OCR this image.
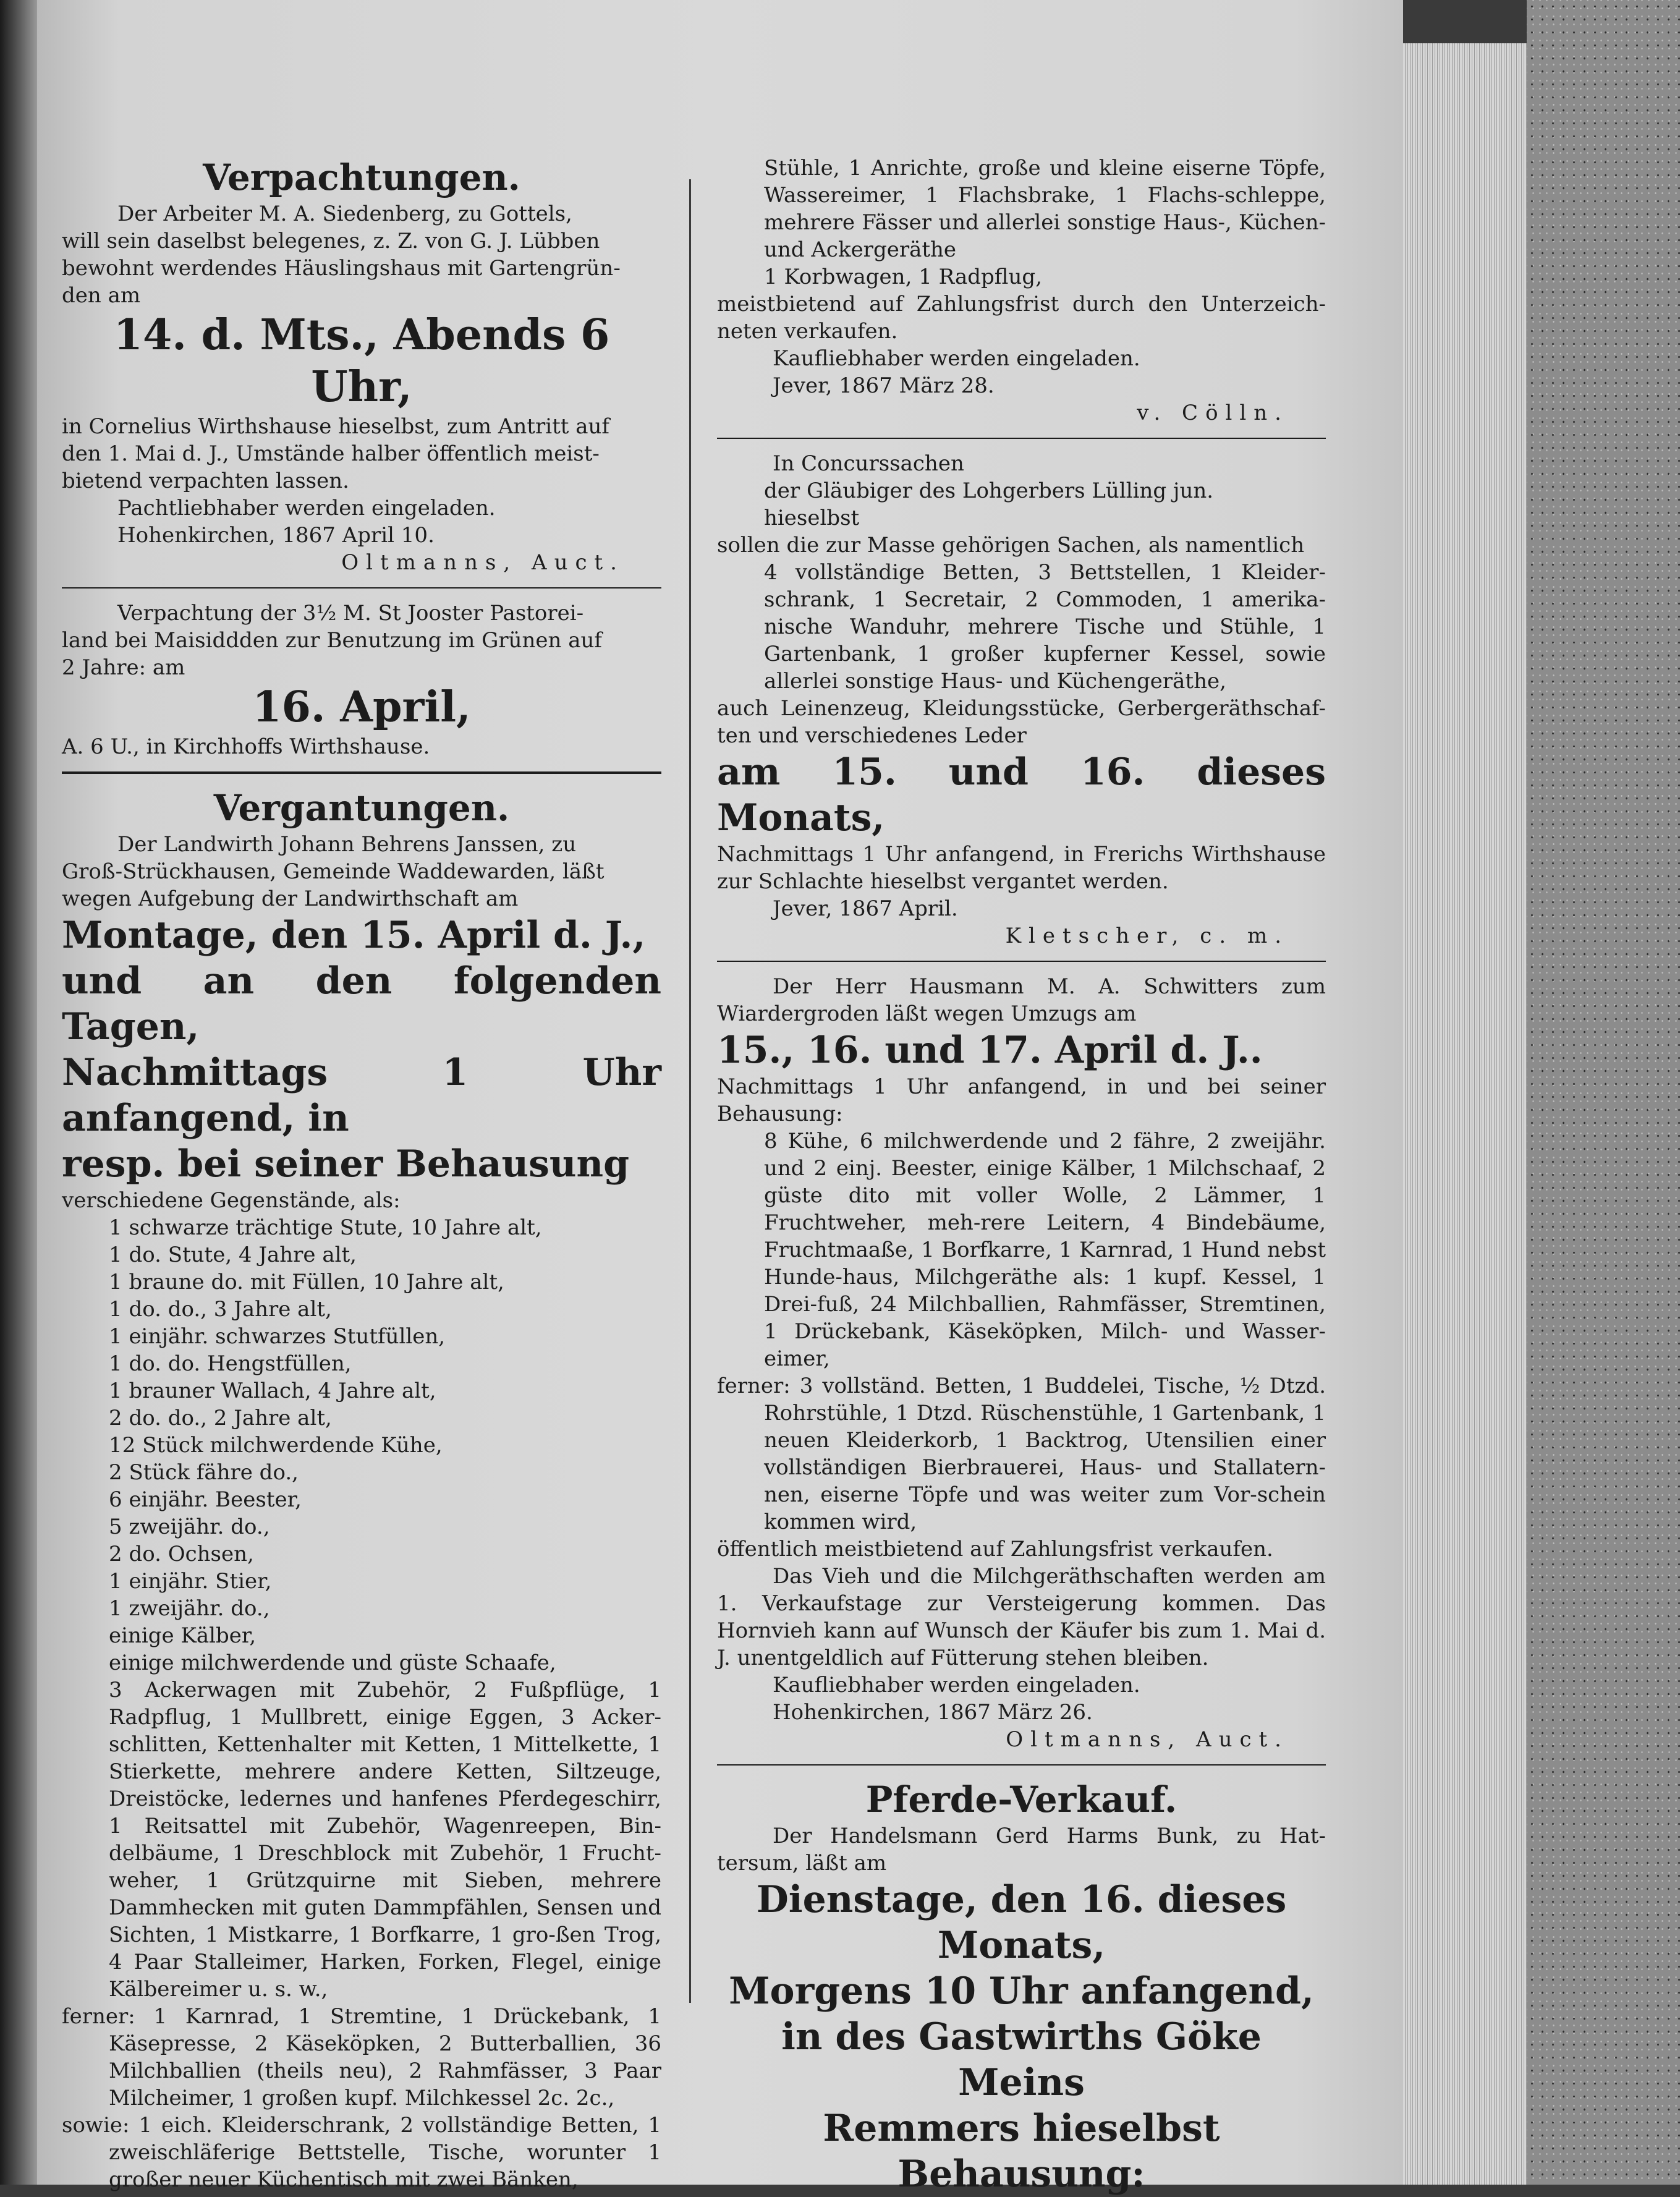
Verpachtungen.

Der Arbeiter M. A. Siedenberg, zu Gottels,

will sein daselbst belegenes, z. Z. von G. J. Lübben

bewohnt werdendes Häuslingshaus mit Gartengrün-

den am

14. d. Mts., Abends 6 Uhr,

in Cornelius Wirthshause hieselbst, zum Antritt auf

den 1. Mai d. J., Umstände halber öffentlich meist-

bietend verpachten lassen.

Pachtliebhaber werden eingeladen.

Hohenkirchen, 1867 April 10.

Oltmanns, Auct.

Verpachtung der 3½ M. St Jooster Pastorei-

land bei Maisiddden zur Benutzung im Grünen auf

2 Jahre: am

16. April,

A. 6 U., in Kirchhoffs Wirthshause.

Vergantungen.

Der Landwirth Johann Behrens Janssen, zu

Groß-Strückhausen, Gemeinde Waddewarden, läßt

wegen Aufgebung der Landwirthschaft am

Montage, den 15. April d. J.,

und an den folgenden Tagen,

Nachmittags 1 Uhr anfangend, in

resp. bei seiner Behausung

verschiedene Gegenstände, als:

1 schwarze trächtige Stute, 10 Jahre alt,

1 do. Stute, 4 Jahre alt,

1 braune do. mit Füllen, 10 Jahre alt,

1 do. do., 3 Jahre alt,

1 einjähr. schwarzes Stutfüllen,

1 do. do. Hengstfüllen,

1 brauner Wallach, 4 Jahre alt,

2 do. do., 2 Jahre alt,

12 Stück milchwerdende Kühe,

2 Stück fähre do.,

6 einjähr. Beester,

5 zweijähr. do.,

2 do. Ochsen,

1 einjähr. Stier,

1 zweijähr. do.,

einige Kälber,

einige milchwerdende und güste Schaafe,

3 Ackerwagen mit Zubehör, 2 Fußpflüge, 1 Radpflug, 1 Mullbrett, einige Eggen, 3 Acker-schlitten, Kettenhalter mit Ketten, 1 Mittelkette, 1 Stierkette, mehrere andere Ketten, Siltzeuge, Dreistöcke, ledernes und hanfenes Pferdegeschirr, 1 Reitsattel mit Zubehör, Wagenreepen, Bin-delbäume, 1 Dreschblock mit Zubehör, 1 Frucht-weher, 1 Grützquirne mit Sieben, mehrere Dammhecken mit guten Dammpfählen, Sensen und Sichten, 1 Mistkarre, 1 Borfkarre, 1 gro-ßen Trog, 4 Paar Stalleimer, Harken, Forken, Flegel, einige Kälbereimer u. s. w.,

ferner: 1 Karnrad, 1 Stremtine, 1 Drückebank, 1 Käsepresse, 2 Käseköpken, 2 Butterballien, 36 Milchballien (theils neu), 2 Rahmfässer, 3 Paar Milcheimer, 1 großen kupf. Milchkessel 2c. 2c.,

sowie: 1 eich. Kleiderschrank, 2 vollständige Betten, 1 zweischläferige Bettstelle, Tische, worunter 1 großer neuer Küchentisch mit zwei Bänken,

Stühle, 1 Anrichte, große und kleine eiserne Töpfe, Wassereimer, 1 Flachsbrake, 1 Flachs-schleppe, mehrere Fässer und allerlei sonstige Haus-, Küchen- und Ackergeräthe

1 Korbwagen, 1 Radpflug,

meistbietend auf Zahlungsfrist durch den Unterzeich-neten verkaufen.

Kaufliebhaber werden eingeladen.

Jever, 1867 März 28.

v. Cölln.

In Concurssachen

der Gläubiger des Lohgerbers Lülling jun.

hieselbst

sollen die zur Masse gehörigen Sachen, als namentlich

4 vollständige Betten, 3 Bettstellen, 1 Kleider-schrank, 1 Secretair, 2 Commoden, 1 amerika-nische Wanduhr, mehrere Tische und Stühle, 1 Gartenbank, 1 großer kupferner Kessel, sowie allerlei sonstige Haus- und Küchengeräthe,

auch Leinenzeug, Kleidungsstücke, Gerbergeräthschaf-ten und verschiedenes Leder

am 15. und 16. dieses Monats,

Nachmittags 1 Uhr anfangend, in Frerichs Wirthshause zur Schlachte hieselbst vergantet werden.

Jever, 1867 April.

Kletscher, c. m.

Der Herr Hausmann M. A. Schwitters zum Wiardergroden läßt wegen Umzugs am

15., 16. und 17. April d. J..

Nachmittags 1 Uhr anfangend, in und bei seiner Behausung:

8 Kühe, 6 milchwerdende und 2 fähre, 2 zweijähr. und 2 einj. Beester, einige Kälber, 1 Milchschaaf, 2 güste dito mit voller Wolle, 2 Lämmer, 1 Fruchtweher, meh-rere Leitern, 4 Bindebäume, Fruchtmaaße, 1 Borfkarre, 1 Karnrad, 1 Hund nebst Hunde-haus, Milchgeräthe als: 1 kupf. Kessel, 1 Drei-fuß, 24 Milchballien, Rahmfässer, Stremtinen, 1 Drückebank, Käseköpken, Milch- und Wasser-eimer,

ferner: 3 vollständ. Betten, 1 Buddelei, Tische, ½ Dtzd. Rohrstühle, 1 Dtzd. Rüschenstühle, 1 Gartenbank, 1 neuen Kleiderkorb, 1 Backtrog, Utensilien einer vollständigen Bierbrauerei, Haus- und Stallatern-nen, eiserne Töpfe und was weiter zum Vor-schein kommen wird,

öffentlich meistbietend auf Zahlungsfrist verkaufen.

Das Vieh und die Milchgeräthschaften werden am 1. Verkaufstage zur Versteigerung kommen. Das Hornvieh kann auf Wunsch der Käufer bis zum 1. Mai d. J. unentgeldlich auf Fütterung stehen bleiben.

Kaufliebhaber werden eingeladen.

Hohenkirchen, 1867 März 26.

Oltmanns, Auct.

Pferde-Verkauf.

Der Handelsmann Gerd Harms Bunk, zu Hat-tersum, läßt am

Dienstage, den 16. dieses Monats,

Morgens 10 Uhr anfangend,

in des Gastwirths Göke Meins

Remmers hieselbst Behausung:
